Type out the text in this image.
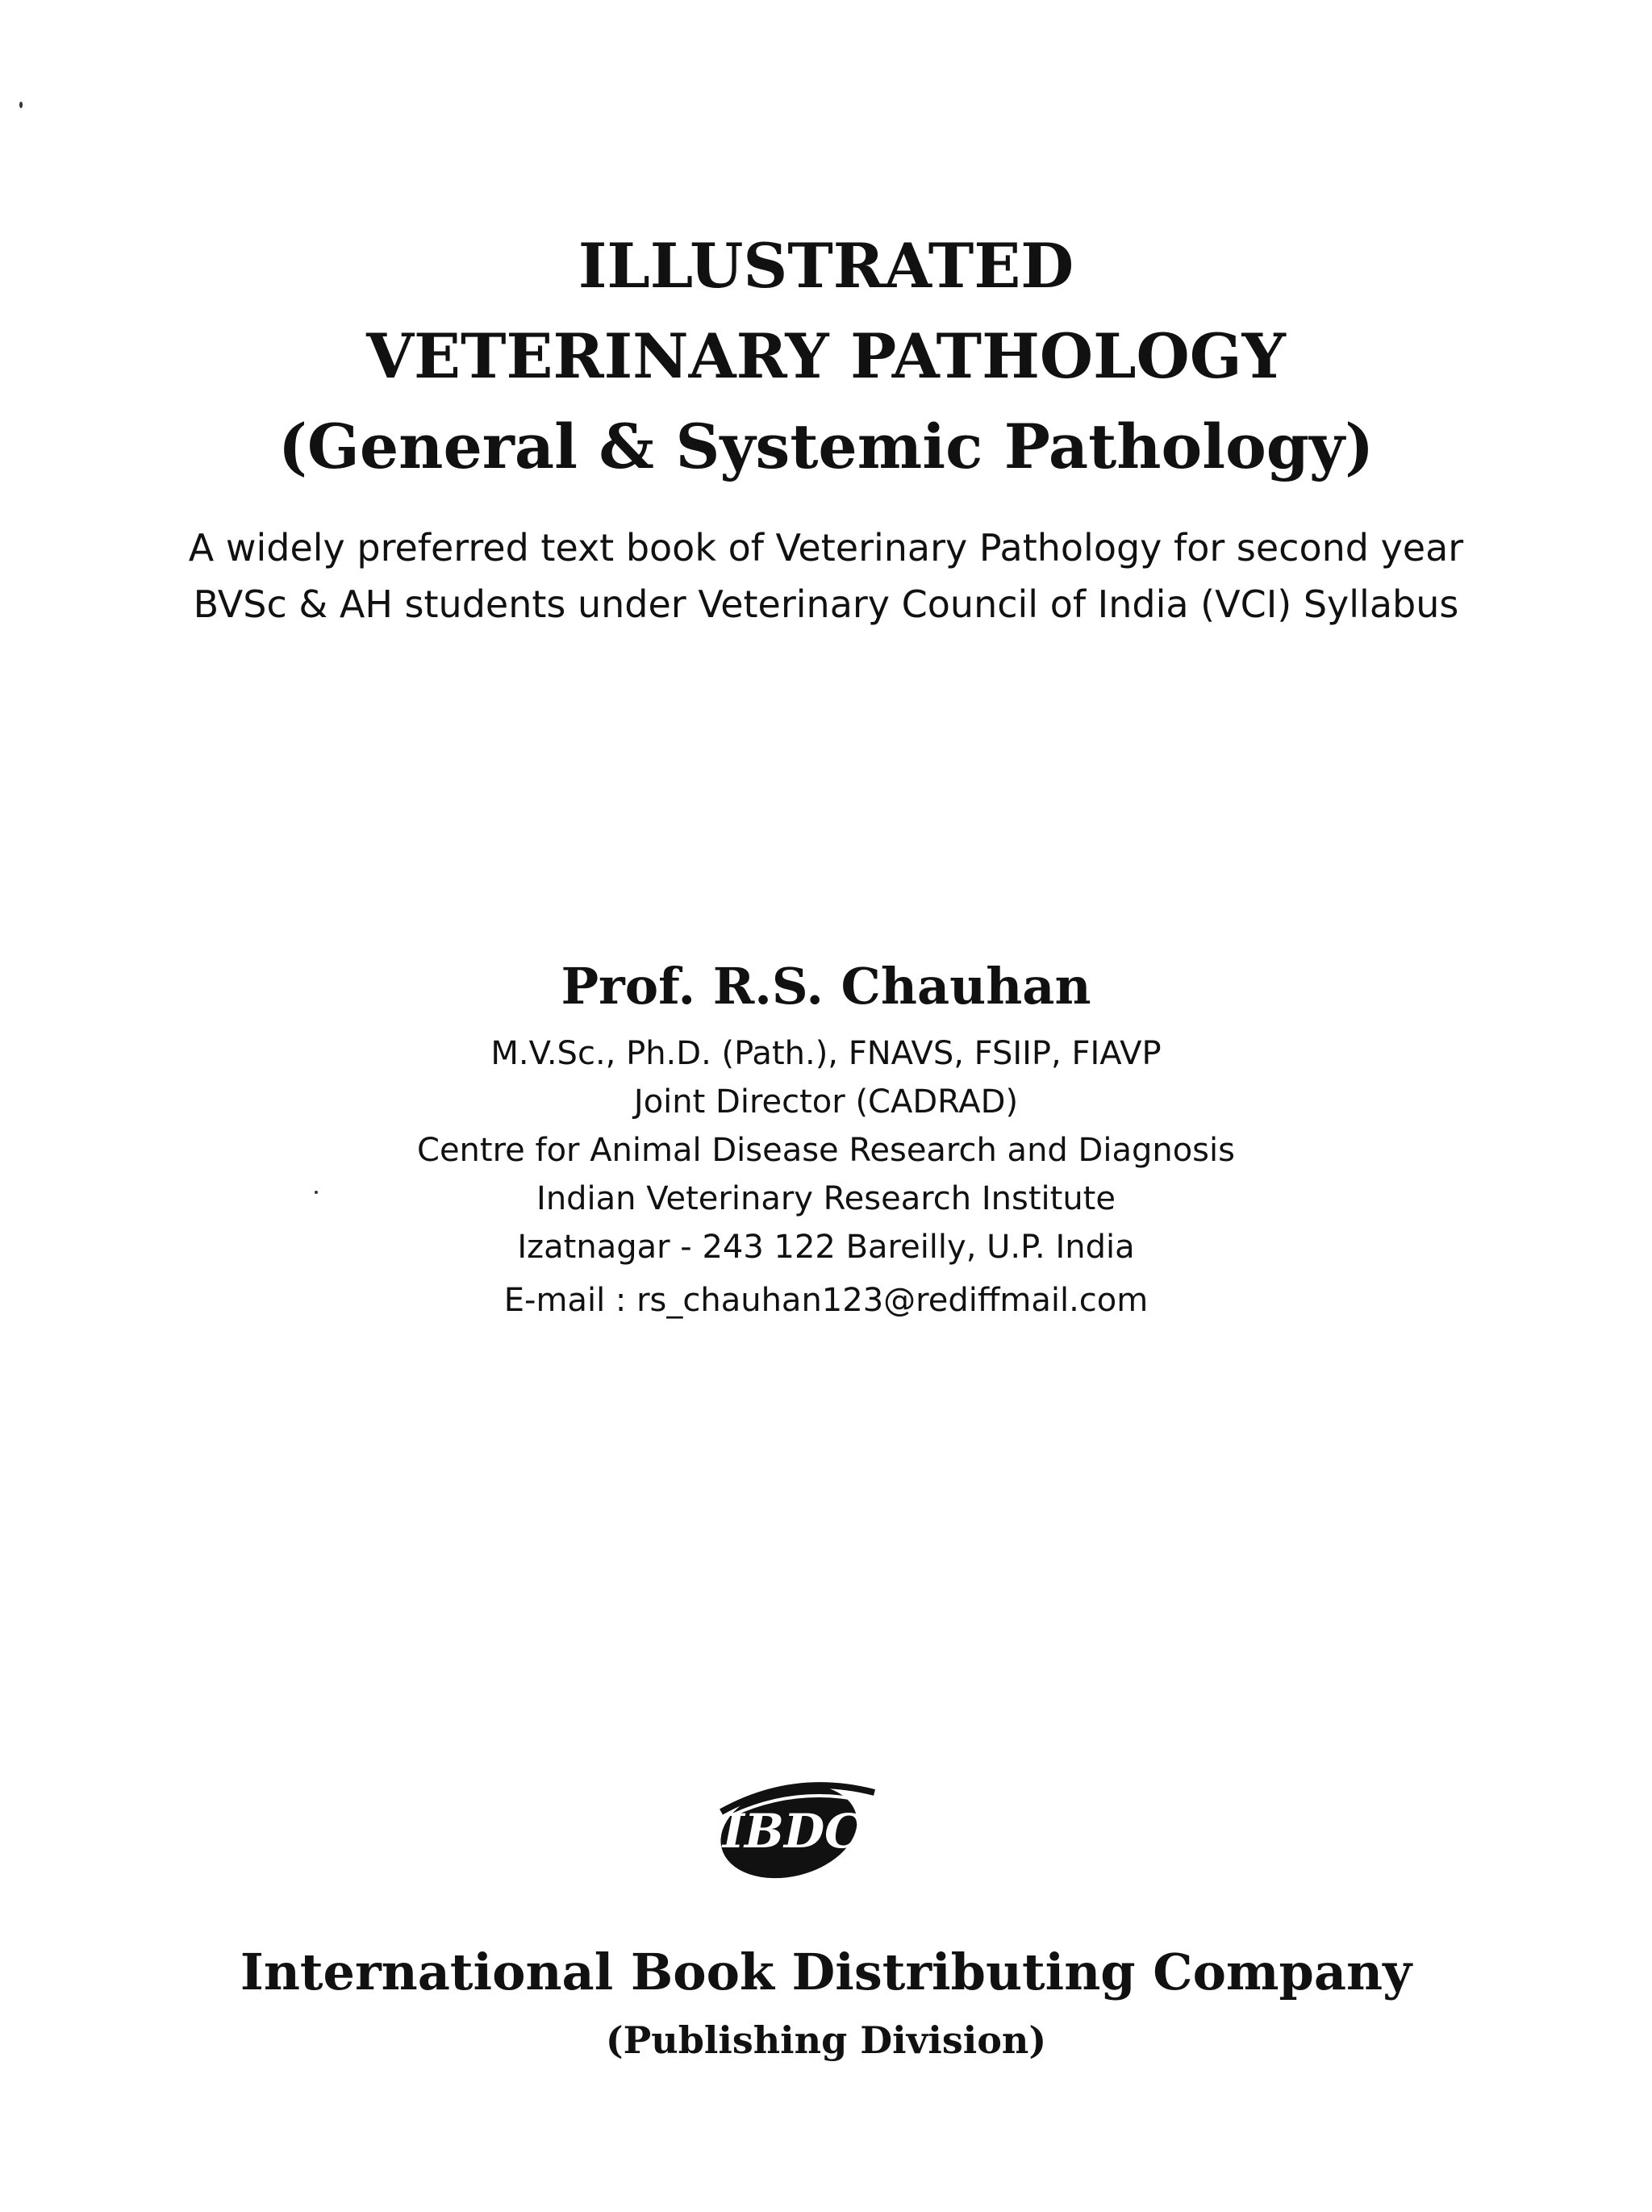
ILLUSTRATED
VETERINARY PATHOLOGY
(General & Systemic Pathology)
A widely preferred text book of Veterinary Pathology for second year
BVSc & AH students under Veterinary Council of India (VCI) Syllabus
Prof. R.S. Chauhan
M.V.Sc., Ph.D. (Path.), FNAVS, FSIIP, FIAVP
Joint Director (CADRAD)
Centre for Animal Disease Research and Diagnosis
Indian Veterinary Research Institute
Izatnagar - 243 122 Bareilly, U.P. India
E-mail : rs_chauhan123@rediffmail.com
IBDC
International Book Distributing Company
(Publishing Division)
